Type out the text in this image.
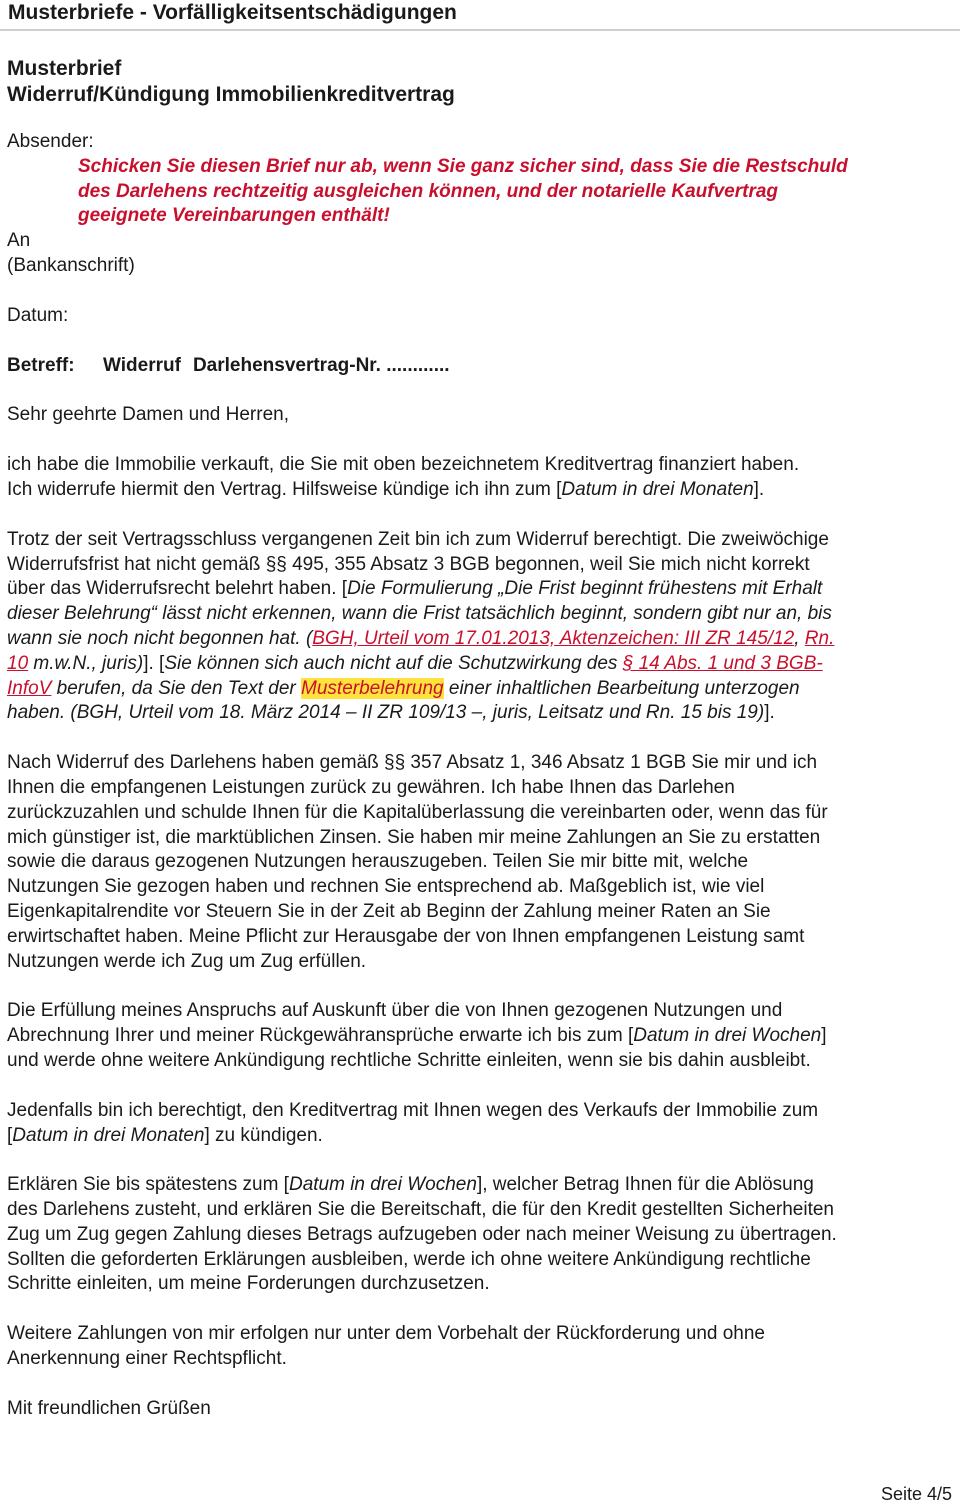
Musterbriefe - Vorfälligkeitsentschädigungen
Musterbrief
Widerruf/Kündigung Immobilienkreditvertrag
Absender:
Schicken Sie diesen Brief nur ab, wenn Sie ganz sicher sind, dass Sie die Restschuld
des Darlehens rechtzeitig ausgleichen können, und der notarielle Kaufvertrag
geeignete Vereinbarungen enthält!
An
(Bankanschrift)
Datum:
Betreff:	Widerruf Darlehensvertrag-Nr. ............
Sehr geehrte Damen und Herren,
ich habe die Immobilie verkauft, die Sie mit oben bezeichnetem Kreditvertrag finanziert haben.
Ich widerrufe hiermit den Vertrag. Hilfsweise kündige ich ihn zum [Datum in drei Monaten].
Trotz der seit Vertragsschluss vergangenen Zeit bin ich zum Widerruf berechtigt. Die zweiwöchige
Widerrufsfrist hat nicht gemäß §§ 495, 355 Absatz 3 BGB begonnen, weil Sie mich nicht korrekt
über das Widerrufsrecht belehrt haben. [Die Formulierung „Die Frist beginnt frühestens mit Erhalt
dieser Belehrung“ lässt nicht erkennen, wann die Frist tatsächlich beginnt, sondern gibt nur an, bis
wann sie noch nicht begonnen hat. (BGH, Urteil vom 17.01.2013, Aktenzeichen: III ZR 145/12, Rn.
10 m.w.N., juris)]. [Sie können sich auch nicht auf die Schutzwirkung des § 14 Abs. 1 und 3 BGB-
InfoV berufen, da Sie den Text der Musterbelehrung einer inhaltlichen Bearbeitung unterzogen
haben. (BGH, Urteil vom 18. März 2014 – II ZR 109/13 –, juris, Leitsatz und Rn. 15 bis 19)].
Nach Widerruf des Darlehens haben gemäß §§ 357 Absatz 1, 346 Absatz 1 BGB Sie mir und ich
Ihnen die empfangenen Leistungen zurück zu gewähren. Ich habe Ihnen das Darlehen
zurückzuzahlen und schulde Ihnen für die Kapitalüberlassung die vereinbarten oder, wenn das für
mich günstiger ist, die marktüblichen Zinsen. Sie haben mir meine Zahlungen an Sie zu erstatten
sowie die daraus gezogenen Nutzungen herauszugeben. Teilen Sie mir bitte mit, welche
Nutzungen Sie gezogen haben und rechnen Sie entsprechend ab. Maßgeblich ist, wie viel
Eigenkapitalrendite vor Steuern Sie in der Zeit ab Beginn der Zahlung meiner Raten an Sie
erwirtschaftet haben. Meine Pflicht zur Herausgabe der von Ihnen empfangenen Leistung samt
Nutzungen werde ich Zug um Zug erfüllen.
Die Erfüllung meines Anspruchs auf Auskunft über die von Ihnen gezogenen Nutzungen und
Abrechnung Ihrer und meiner Rückgewähransprüche erwarte ich bis zum [Datum in drei Wochen]
und werde ohne weitere Ankündigung rechtliche Schritte einleiten, wenn sie bis dahin ausbleibt.
Jedenfalls bin ich berechtigt, den Kreditvertrag mit Ihnen wegen des Verkaufs der Immobilie zum
[Datum in drei Monaten] zu kündigen.
Erklären Sie bis spätestens zum [Datum in drei Wochen], welcher Betrag Ihnen für die Ablösung
des Darlehens zusteht, und erklären Sie die Bereitschaft, die für den Kredit gestellten Sicherheiten
Zug um Zug gegen Zahlung dieses Betrags aufzugeben oder nach meiner Weisung zu übertragen.
Sollten die geforderten Erklärungen ausbleiben, werde ich ohne weitere Ankündigung rechtliche
Schritte einleiten, um meine Forderungen durchzusetzen.
Weitere Zahlungen von mir erfolgen nur unter dem Vorbehalt der Rückforderung und ohne
Anerkennung einer Rechtspflicht.
Mit freundlichen Grüßen
Seite 4/5
